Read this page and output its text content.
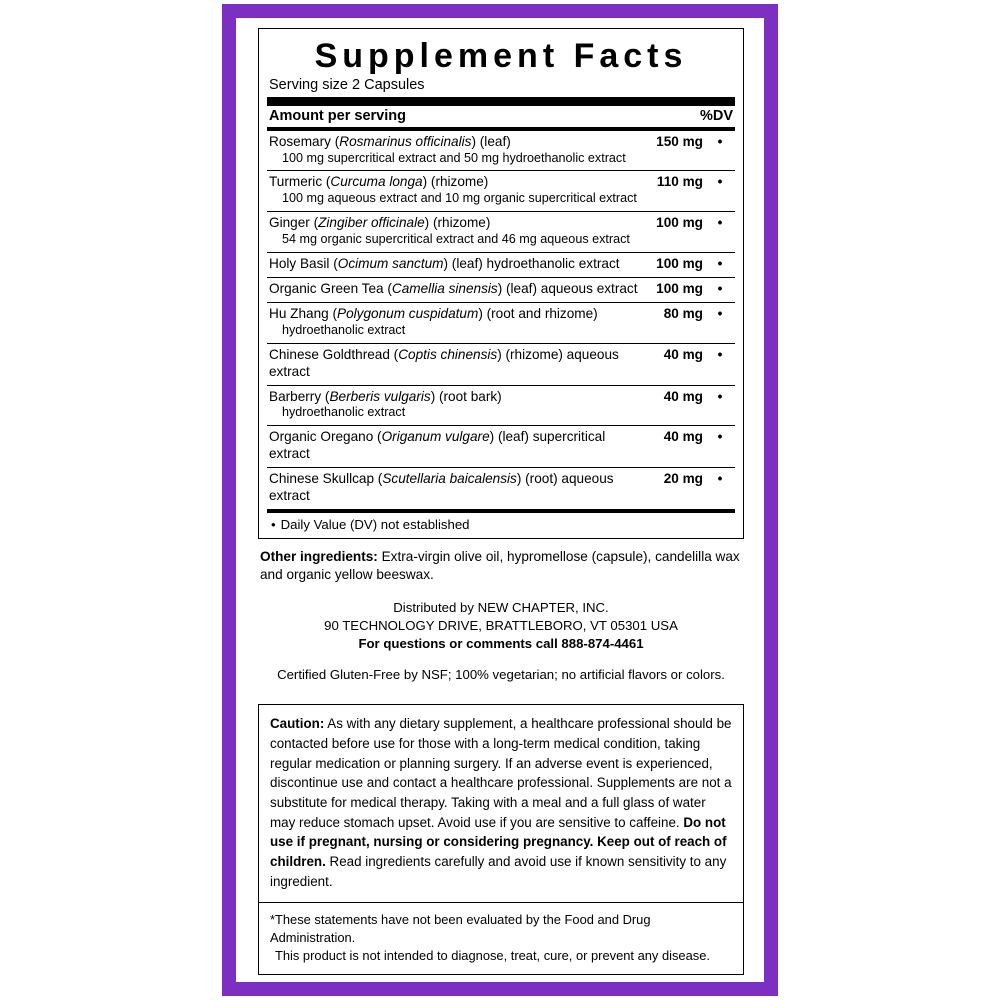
Supplement Facts
Serving size 2 Capsules
Amount per serving	%DV
Rosemary (Rosmarinus officinalis) (leaf)
100 mg supercritical extract and 50 mg hydroethanolic extract	150 mg	•
Turmeric (Curcuma longa) (rhizome)
100 mg aqueous extract and 10 mg organic supercritical extract	110 mg	•
Ginger (Zingiber officinale) (rhizome)
54 mg organic supercritical extract and 46 mg aqueous extract	100 mg	•
Holy Basil (Ocimum sanctum) (leaf) hydroethanolic extract	100 mg	•
Organic Green Tea (Camellia sinensis) (leaf) aqueous extract	100 mg	•
Hu Zhang (Polygonum cuspidatum) (root and rhizome)
hydroethanolic extract	80 mg	•
Chinese Goldthread (Coptis chinensis) (rhizome) aqueous extract	40 mg	•
Barberry (Berberis vulgaris) (root bark)
hydroethanolic extract	40 mg	•
Organic Oregano (Origanum vulgare) (leaf) supercritical extract	40 mg	•
Chinese Skullcap (Scutellaria baicalensis) (root) aqueous extract	20 mg	•
• Daily Value (DV) not established
Other ingredients: Extra-virgin olive oil, hypromellose (capsule), candelilla wax and organic yellow beeswax.
Distributed by NEW CHAPTER, INC.
90 TECHNOLOGY DRIVE, BRATTLEBORO, VT 05301 USA
For questions or comments call 888-874-4461
Certified Gluten-Free by NSF; 100% vegetarian; no artificial flavors or colors.
Caution: As with any dietary supplement, a healthcare professional should be contacted before use for those with a long-term medical condition, taking regular medication or planning surgery. If an adverse event is experienced, discontinue use and contact a healthcare professional. Supplements are not a substitute for medical therapy. Taking with a meal and a full glass of water may reduce stomach upset. Avoid use if you are sensitive to caffeine. Do not use if pregnant, nursing or considering pregnancy. Keep out of reach of children. Read ingredients carefully and avoid use if known sensitivity to any ingredient.
*These statements have not been evaluated by the Food and Drug Administration.
This product is not intended to diagnose, treat, cure, or prevent any disease.
